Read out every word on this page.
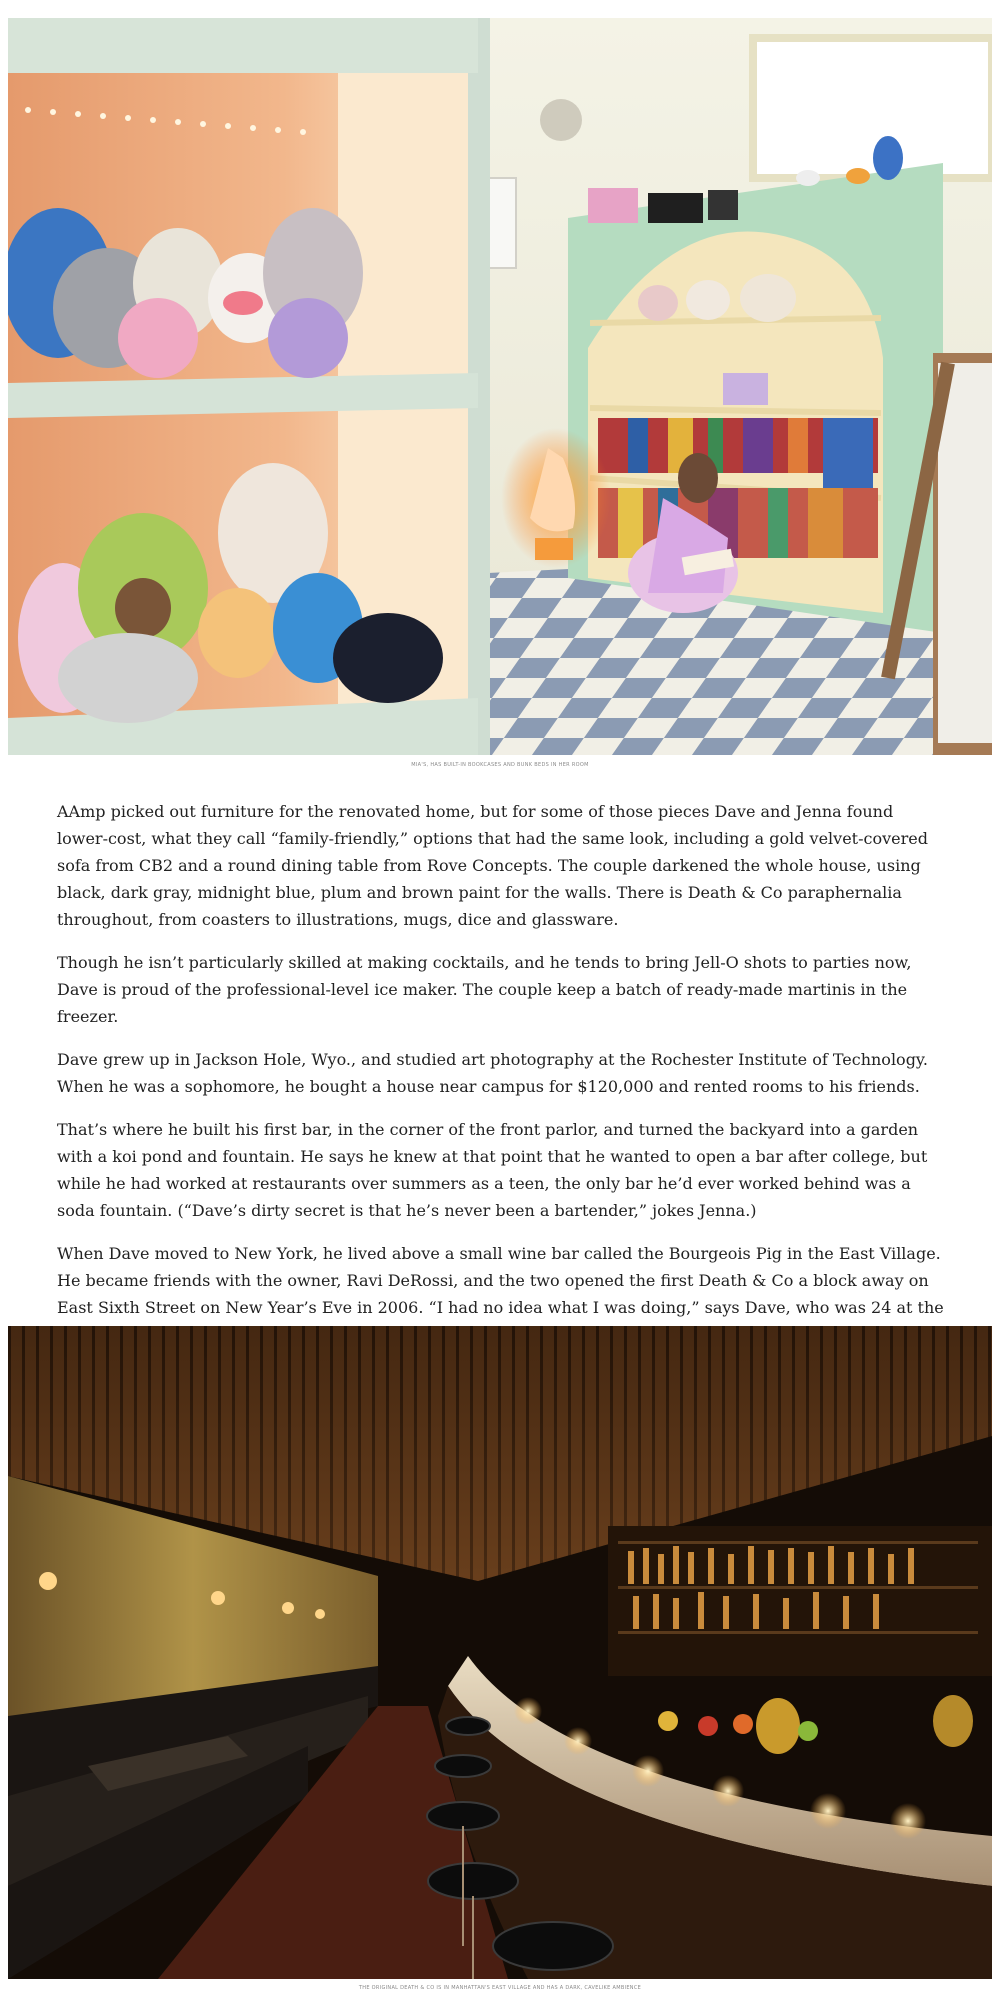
MIA'S, HAS BUILT-IN BOOKCASES AND BUNK BEDS IN HER ROOM

AAmp picked out furniture for the renovated home, but for some of those pieces Dave and Jenna found lower-cost, what they call “family-friendly,” options that had the same look, including a gold velvet-covered sofa from CB2 and a round dining table from Rove Concepts. The couple darkened the whole house, using black, dark gray, midnight blue, plum and brown paint for the walls. There is Death & Co paraphernalia throughout, from coasters to illustrations, mugs, dice and glassware.

Though he isn’t particularly skilled at making cocktails, and he tends to bring Jell-O shots to parties now, Dave is proud of the professional-level ice maker. The couple keep a batch of ready-made martinis in the freezer.

Dave grew up in Jackson Hole, Wyo., and studied art photography at the Rochester Institute of Technology. When he was a sophomore, he bought a house near campus for $120,000 and rented rooms to his friends.

That’s where he built his first bar, in the corner of the front parlor, and turned the backyard into a garden with a koi pond and fountain. He says he knew at that point that he wanted to open a bar after college, but while he had worked at restaurants over summers as a teen, the only bar he’d ever worked behind was a soda fountain. (“Dave’s dirty secret is that he’s never been a bartender,” jokes Jenna.)

When Dave moved to New York, he lived above a small wine bar called the Bourgeois Pig in the East Village. He became friends with the owner, Ravi DeRossi, and the two opened the first Death & Co a block away on East Sixth Street on New Year’s Eve in 2006. “I had no idea what I was doing,” says Dave, who was 24 at the

THE ORIGINAL DEATH & CO IS IN MANHATTAN'S EAST VILLAGE AND HAS A DARK, CAVELIKE AMBIENCE
